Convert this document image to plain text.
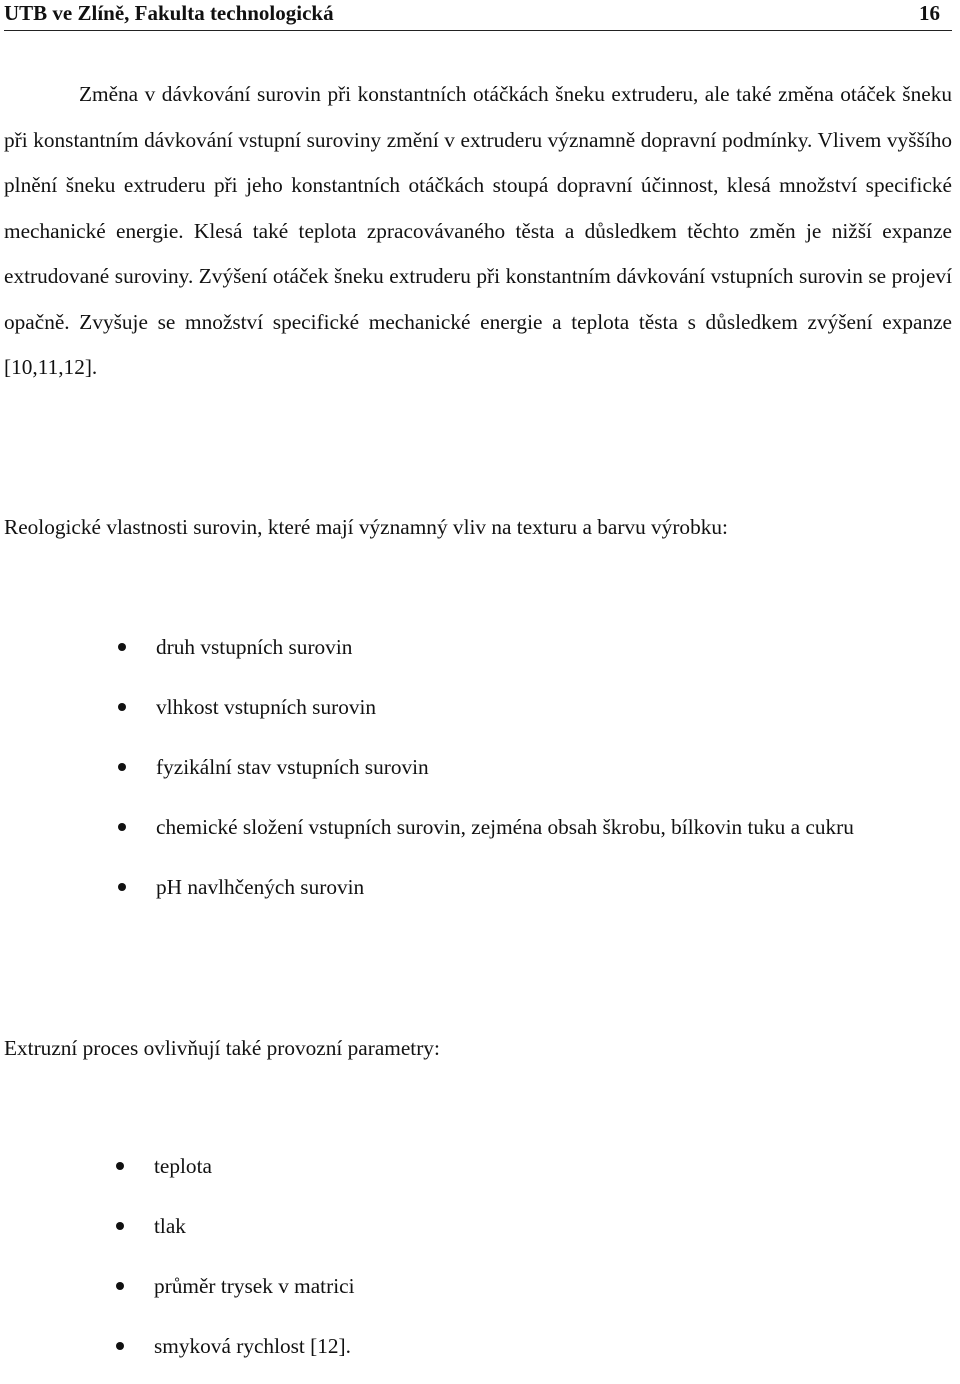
UTB ve Zlíně, Fakulta technologická	16

Změna v dávkování surovin při konstantních otáčkách šneku extruderu, ale také změna otáček šneku při konstantním dávkování vstupní suroviny změní v extruderu významně dopravní podmínky. Vlivem vyššího plnění šneku extruderu při jeho konstantních otáčkách stoupá dopravní účinnost, klesá množství specifické mechanické energie. Klesá také teplota zpracovávaného těsta a důsledkem těchto změn je nižší expanze extrudované suroviny. Zvýšení otáček šneku extruderu při konstantním dávkování vstupních surovin se projeví opačně. Zvyšuje se množství specifické mechanické energie a teplota těsta s důsledkem zvýšení expanze [10,11,12].

Reologické vlastnosti surovin, které mají významný vliv na texturu a barvu výrobku:

druh vstupních surovin
vlhkost vstupních surovin
fyzikální stav vstupních surovin
chemické složení vstupních surovin, zejména obsah škrobu, bílkovin tuku a cukru
pH navlhčených surovin

Extruzní proces ovlivňují také provozní parametry:

teplota
tlak
průměr trysek v matrici
smyková rychlost [12].
